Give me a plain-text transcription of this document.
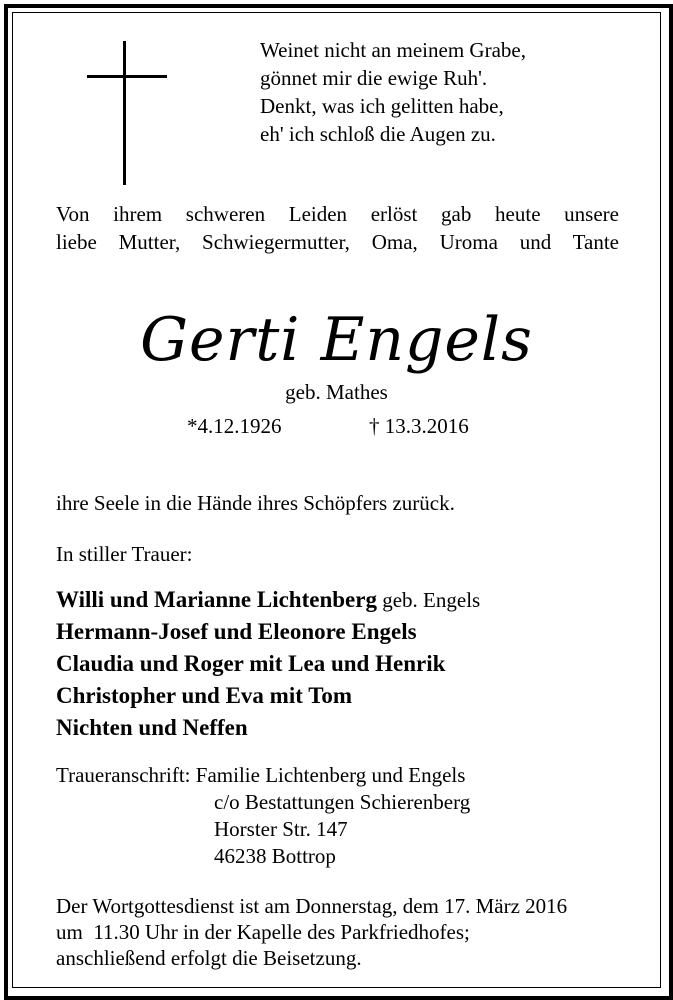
Weinet nicht an meinem Grabe,
gönnet mir die ewige Ruh'.
Denkt, was ich gelitten habe,
eh' ich schloß die Augen zu.
Von ihrem schweren Leiden erlöst gab heute unsere
liebe Mutter, Schwiegermutter, Oma, Uroma und Tante
Gerti Engels
geb. Mathes
*4.12.1926	† 13.3.2016
ihre Seele in die Hände ihres Schöpfers zurück.
In stiller Trauer:
Willi und Marianne Lichtenberg geb. Engels
Hermann-Josef und Eleonore Engels
Claudia und Roger mit Lea und Henrik
Christopher und Eva mit Tom
Nichten und Neffen
Traueranschrift: Familie Lichtenberg und Engels
c/o Bestattungen Schierenberg
Horster Str. 147
46238 Bottrop
Der Wortgottesdienst ist am Donnerstag, dem 17. März 2016
um  11.30 Uhr in der Kapelle des Parkfriedhofes;
anschließend erfolgt die Beisetzung.
